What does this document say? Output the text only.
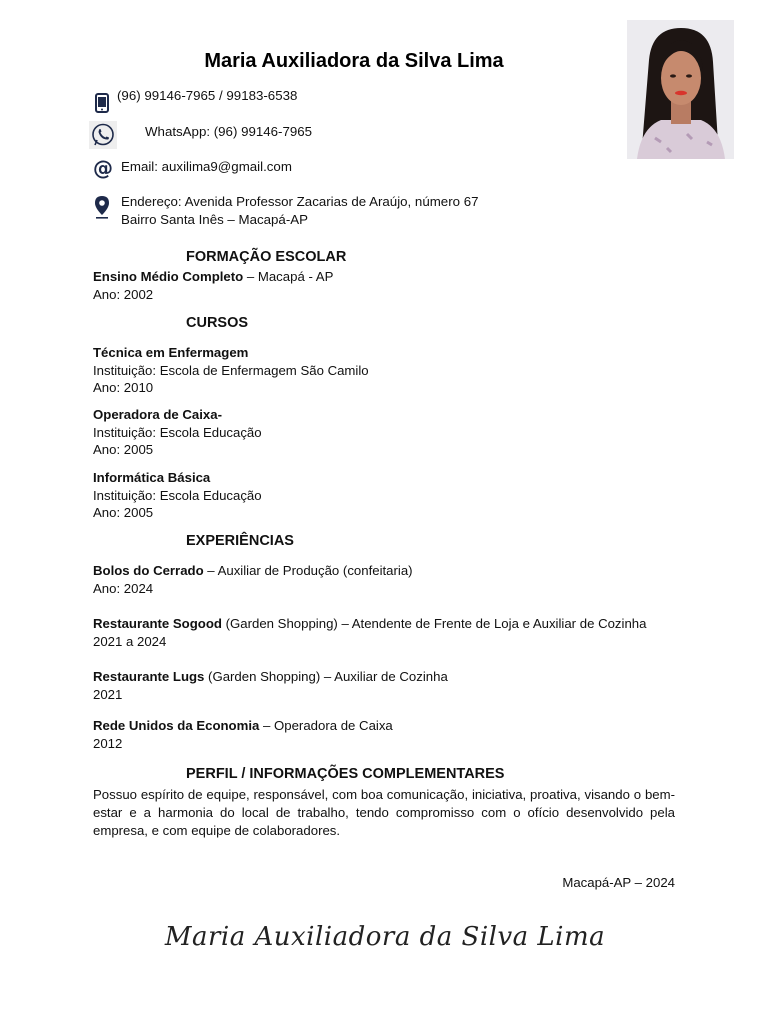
Maria Auxiliadora da Silva Lima
(96) 99146-7965 / 99183-6538
WhatsApp: (96) 99146-7965
@ Email: auxilima9@gmail.com
Endereço: Avenida Professor Zacarias de Araújo, número 67
Bairro Santa Inês – Macapá-AP
FORMAÇÃO ESCOLAR
Ensino Médio Completo – Macapá - AP
Ano: 2002
CURSOS
Técnica em Enfermagem
Instituição: Escola de Enfermagem São Camilo
Ano: 2010
Operadora de Caixa-
Instituição: Escola Educação
Ano: 2005
Informática Básica
Instituição: Escola Educação
Ano: 2005
EXPERIÊNCIAS
Bolos do Cerrado – Auxiliar de Produção (confeitaria)
Ano: 2024
Restaurante Sogood (Garden Shopping) – Atendente de Frente de Loja e Auxiliar de Cozinha
2021 a 2024
Restaurante Lugs (Garden Shopping) – Auxiliar de Cozinha
2021
Rede Unidos da Economia – Operadora de Caixa
2012
PERFIL / INFORMAÇÕES COMPLEMENTARES
Possuo espírito de equipe, responsável, com boa comunicação, iniciativa, proativa, visando o bem-estar e a harmonia do local de trabalho, tendo compromisso com o ofício desenvolvido pela empresa, e com equipe de colaboradores.
Macapá-AP – 2024
Maria Auxiliadora da Silva Lima
